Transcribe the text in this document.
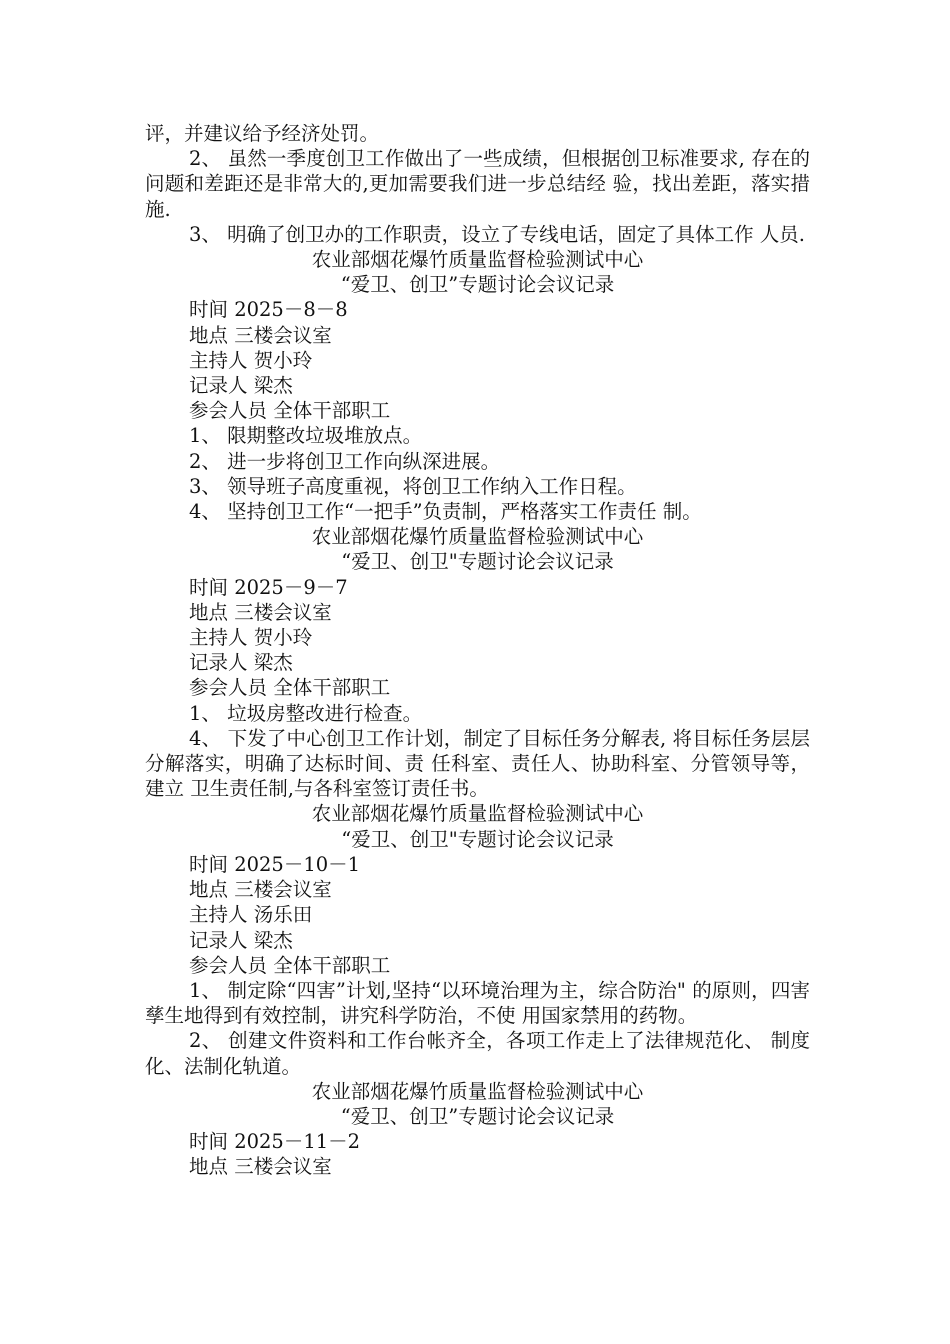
评，并建议给予经济处罚。

2、 虽然一季度创卫工作做出了一些成绩，但根据创卫标准要求, 存在的问题和差距还是非常大的,更加需要我们进一步总结经 验，找出差距，落实措施.

3、 明确了创卫办的工作职责，设立了专线电话，固定了具体工作 人员.

农业部烟花爆竹质量监督检验测试中心

“爱卫、创卫”专题讨论会议记录

时间 2025－8－8

地点 三楼会议室

主持人 贺小玲

记录人 梁杰

参会人员 全体干部职工

1、 限期整改垃圾堆放点。

2、 进一步将创卫工作向纵深进展。

3、 领导班子高度重视，将创卫工作纳入工作日程。

4、 坚持创卫工作“一把手”负责制，严格落实工作责任 制。

农业部烟花爆竹质量监督检验测试中心

“爱卫、创卫"专题讨论会议记录

时间 2025－9－7

地点 三楼会议室

主持人 贺小玲

记录人 梁杰

参会人员 全体干部职工

1、 垃圾房整改进行检查。

4、 下发了中心创卫工作计划，制定了目标任务分解表, 将目标任务层层分解落实，明确了达标时间、责 任科室、责任人、协助科室、分管领导等，建立 卫生责任制,与各科室签订责任书。

农业部烟花爆竹质量监督检验测试中心

“爱卫、创卫"专题讨论会议记录

时间 2025－10－1

地点 三楼会议室

主持人 汤乐田

记录人 梁杰

参会人员 全体干部职工

1、 制定除“四害”计划,坚持“以环境治理为主，综合防治" 的原则，四害孳生地得到有效控制，讲究科学防治，不使 用国家禁用的药物。

2、 创建文件资料和工作台帐齐全，各项工作走上了法律规范化、 制度化、法制化轨道。

农业部烟花爆竹质量监督检验测试中心

“爱卫、创卫”专题讨论会议记录

时间 2025－11－2

地点 三楼会议室
